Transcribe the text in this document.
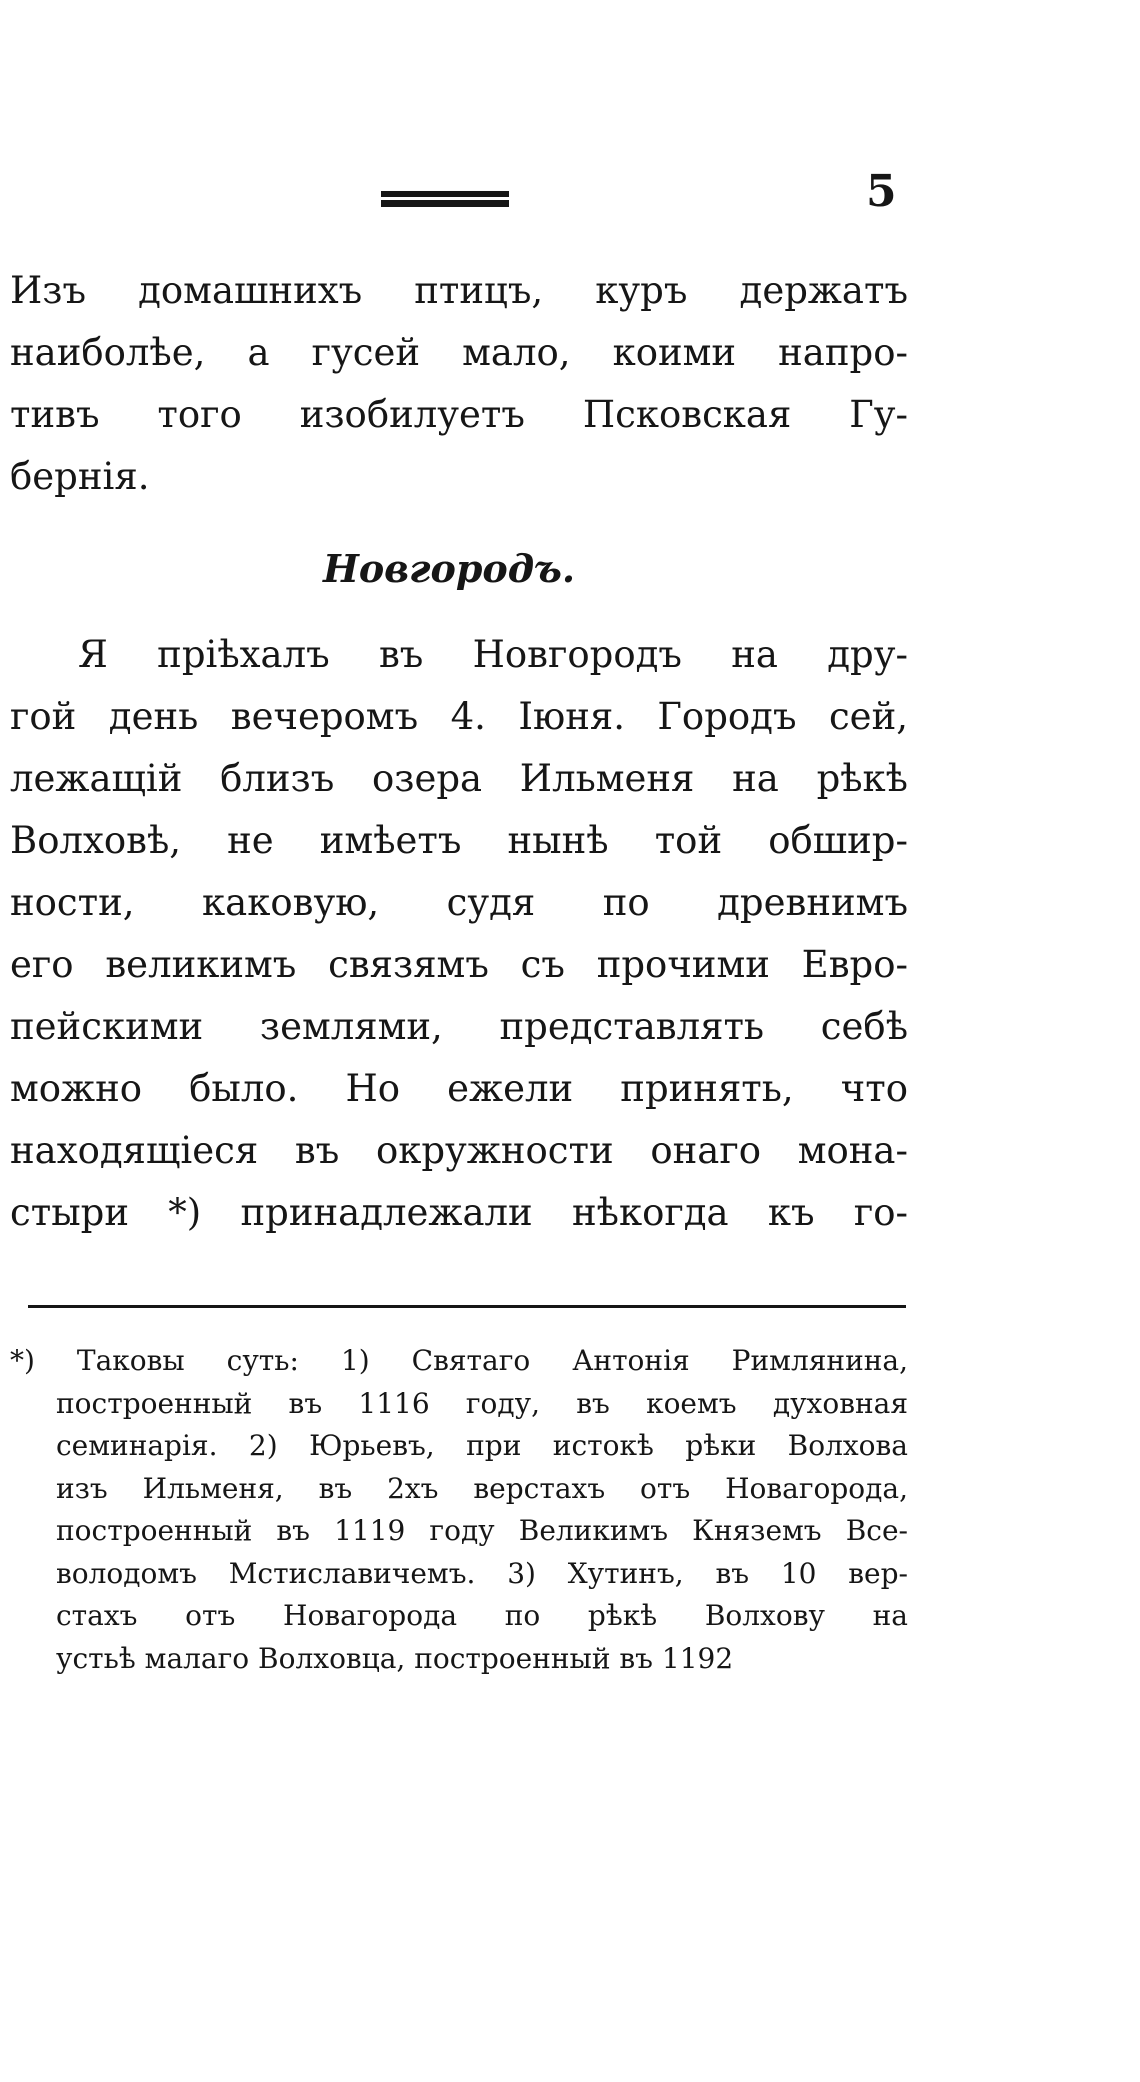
5

Изъ домашнихъ птицъ, куръ держатъ
наиболѣе, а гусей мало, коими напро-
тивъ того изобилуетъ Псковская Гу-
бернія.

Новгородъ.

Я пріѣхалъ въ Новгородъ на дру-
гой день вечеромъ 4. Іюня. Городъ сей,
лежащій близъ озера Ильменя на рѣкѣ
Волховѣ, не имѣетъ нынѣ той обшир-
ности, каковую, судя по древнимъ
его великимъ связямъ съ прочими Евро-
пейскими землями, представлять себѣ
можно было. Но ежели принять, что
находящіеся въ окружности онаго мона-
стыри *) принадлежали нѣкогда къ го-

*) Таковы суть: 1) Святаго Антонія Римлянина,
построенный въ 1116 году, въ коемъ духовная
семинарія. 2) Юрьевъ, при истокѣ рѣки Волхова
изъ Ильменя, въ 2хъ верстахъ отъ Новагорода,
построенный въ 1119 году Великимъ Княземъ Все-
володомъ Мстиславичемъ. 3) Хутинъ, въ 10 вер-
стахъ отъ Новагорода по рѣкѣ Волхову на
устьѣ малаго Волховца, построенный въ 1192
